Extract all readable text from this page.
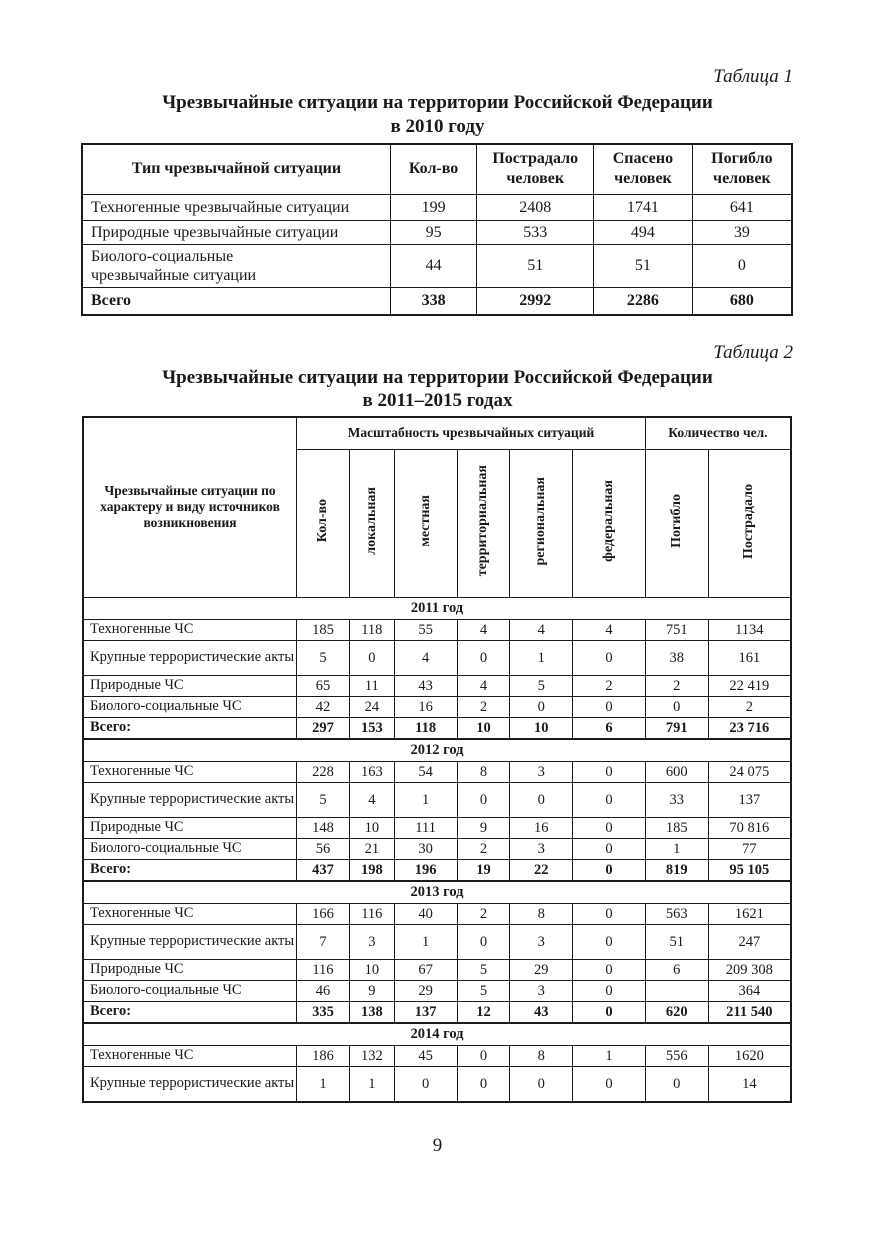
Таблица 1
Чрезвычайные ситуации на территории Российской Федерации
в 2010 году
Тип чрезвычайной ситуации	Кол-во	Пострадало человек	Спасено человек	Погибло человек
Техногенные чрезвычайные ситуации	199	2408	1741	641
Природные чрезвычайные ситуации	95	533	494	39
Биолого-социальные чрезвычайные ситуации	44	51	51	0
Всего	338	2992	2286	680
Таблица 2
Чрезвычайные ситуации на территории Российской Федерации
в 2011–2015 годах
Чрезвычайные ситуации по характеру и виду источников возникновения	Масштабность чрезвычайных ситуаций						Количество чел.	
	Кол-во	локальная	местная	территориальная	региональная	федеральная	Погибло	Пострадало
2011 год								
Техногенные ЧС	185	118	55	4	4	4	751	1134
Крупные террористические акты	5	0	4	0	1	0	38	161
Природные ЧС	65	11	43	4	5	2	2	22 419
Биолого-социальные ЧС	42	24	16	2	0	0	0	2
Всего:	297	153	118	10	10	6	791	23 716
2012 год								
Техногенные ЧС	228	163	54	8	3	0	600	24 075
Крупные террористические акты	5	4	1	0	0	0	33	137
Природные ЧС	148	10	111	9	16	0	185	70 816
Биолого-социальные ЧС	56	21	30	2	3	0	1	77
Всего:	437	198	196	19	22	0	819	95 105
2013 год								
Техногенные ЧС	166	116	40	2	8	0	563	1621
Крупные террористические акты	7	3	1	0	3	0	51	247
Природные ЧС	116	10	67	5	29	0	6	209 308
Биолого-социальные ЧС	46	9	29	5	3	0		364
Всего:	335	138	137	12	43	0	620	211 540
2014 год								
Техногенные ЧС	186	132	45	0	8	1	556	1620
Крупные террористические акты	1	1	0	0	0	0	0	14
9
